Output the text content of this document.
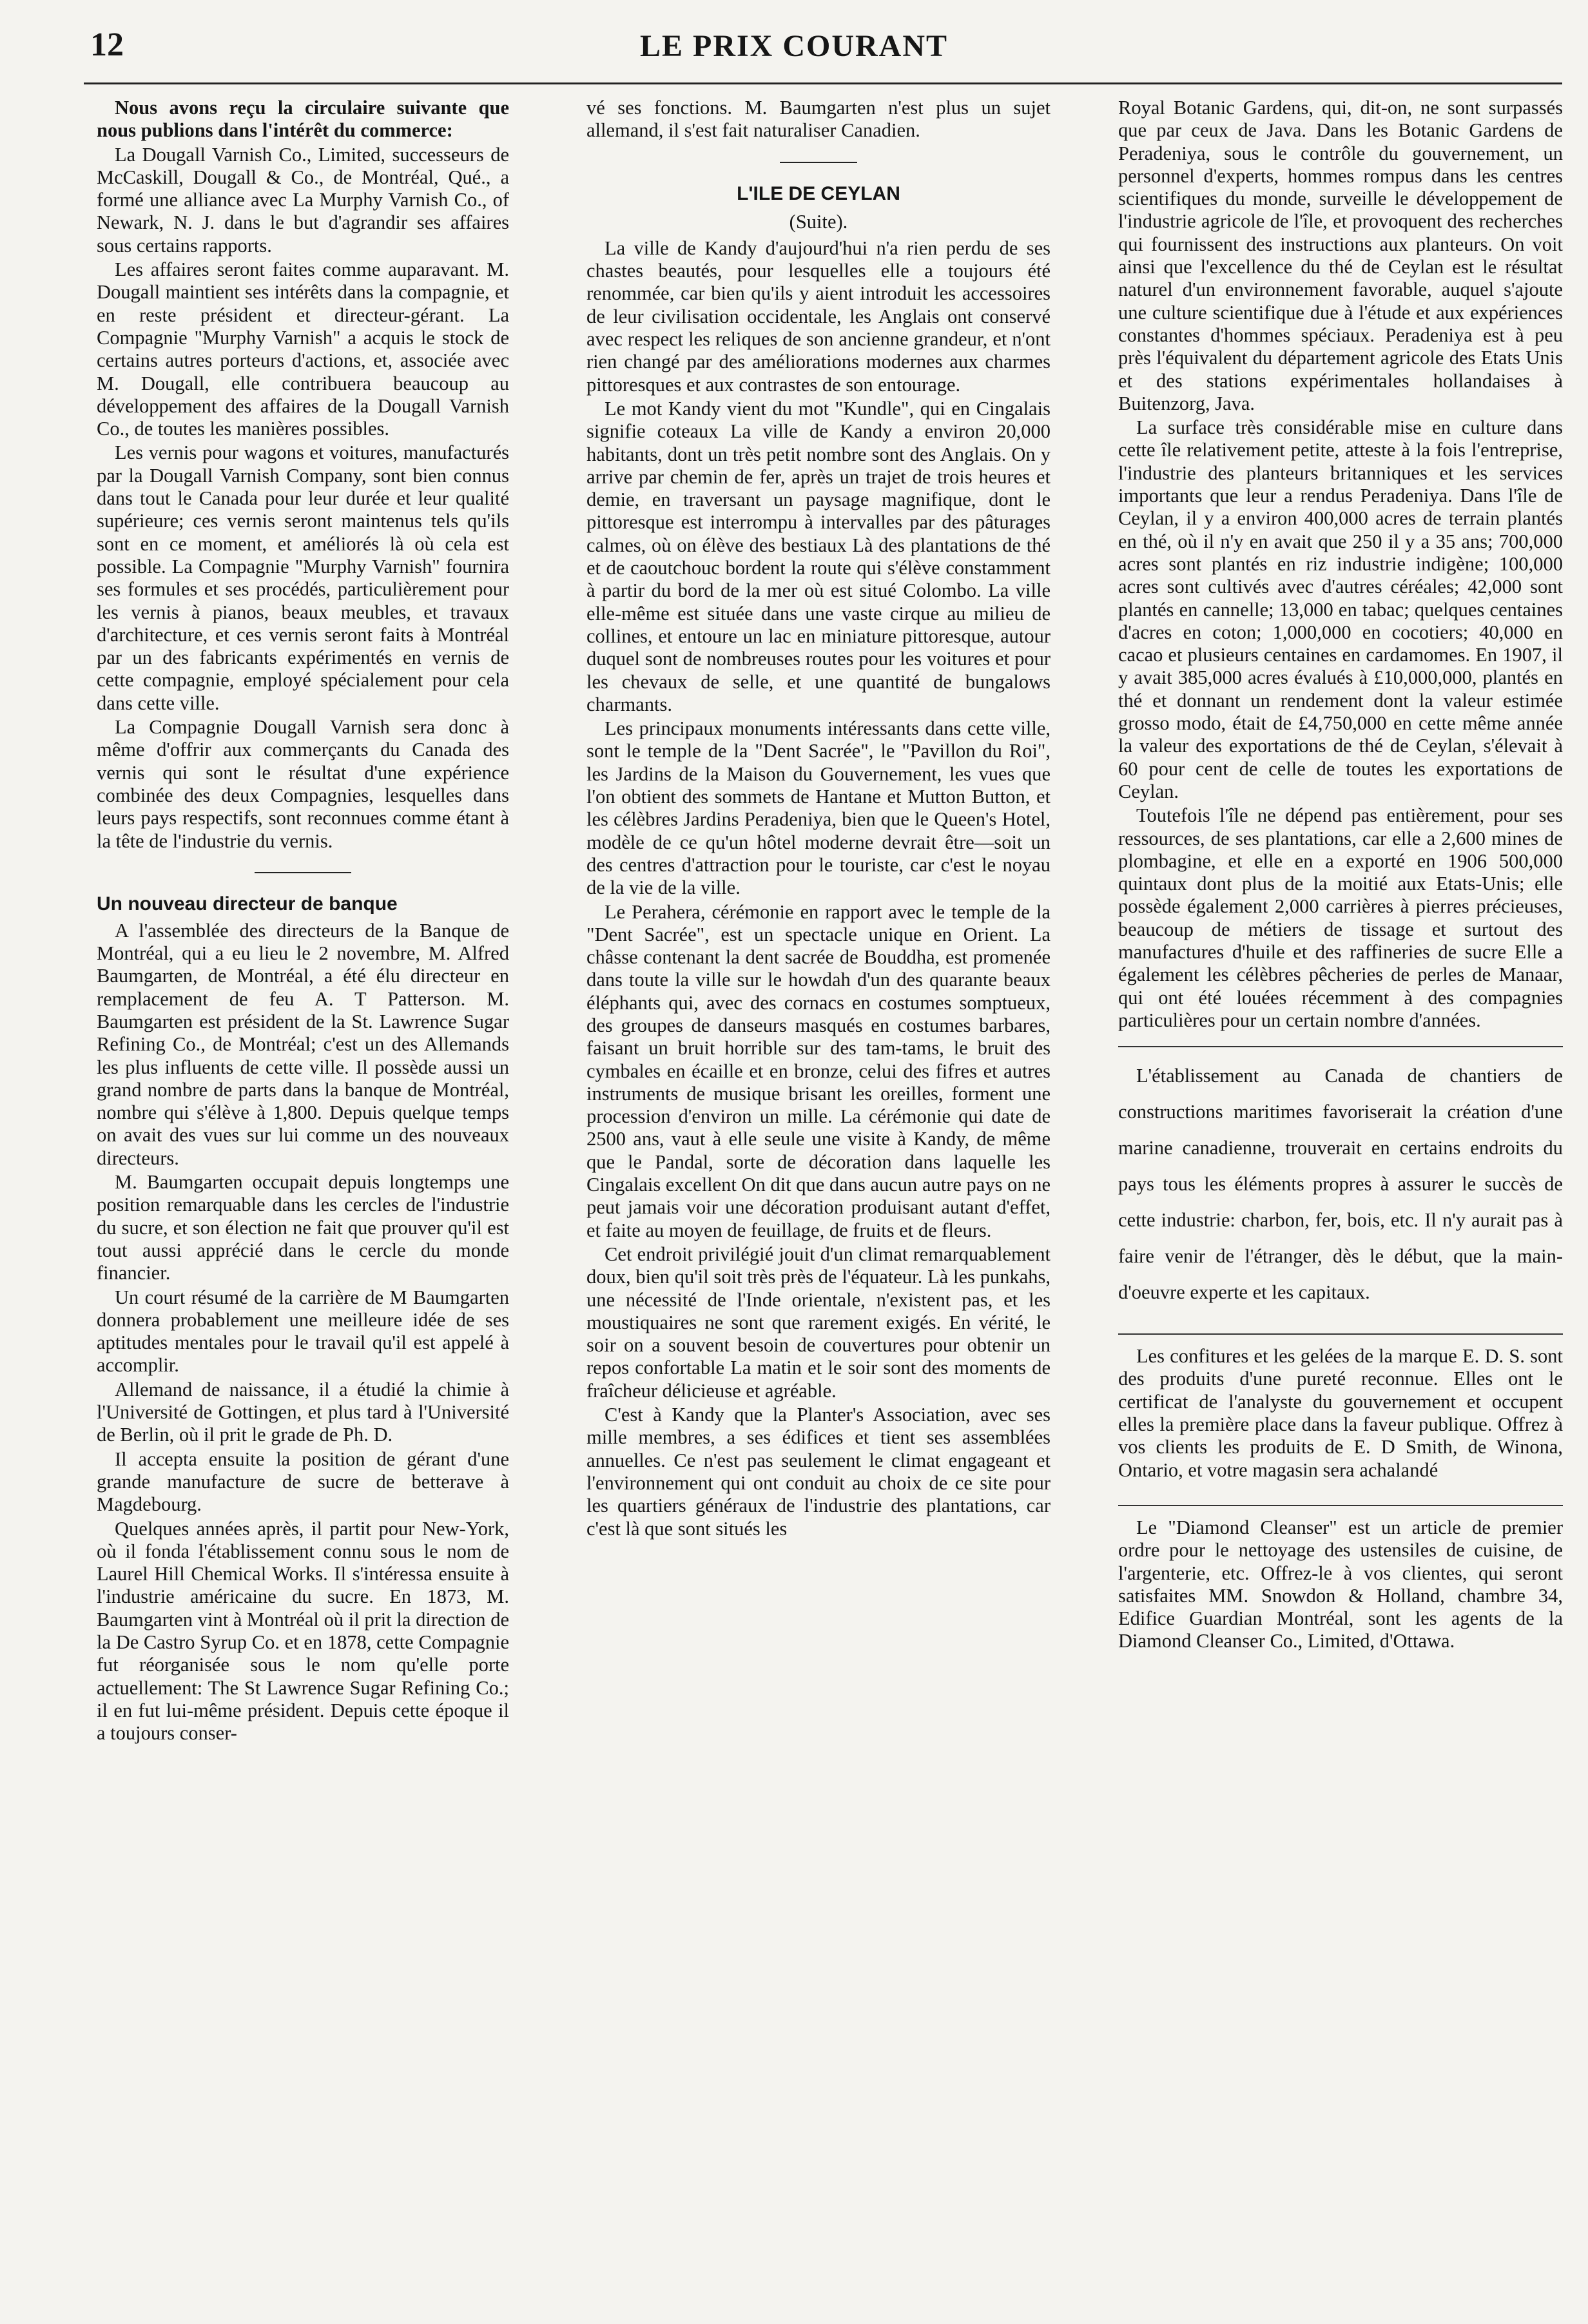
12	LE PRIX COURANT

Nous avons reçu la circulaire suivante que nous publions dans l'intérêt du commerce:

La Dougall Varnish Co., Limited, successeurs de McCaskill, Dougall & Co., de Montréal, Qué., a formé une alliance avec La Murphy Varnish Co., of Newark, N. J. dans le but d'agrandir ses affaires sous certains rapports.

Les affaires seront faites comme auparavant. M. Dougall maintient ses intérêts dans la compagnie, et en reste président et directeur-gérant. La Compagnie "Murphy Varnish" a acquis le stock de certains autres porteurs d'actions, et, associée avec M. Dougall, elle contribuera beaucoup au développement des affaires de la Dougall Varnish Co., de toutes les manières possibles.

Les vernis pour wagons et voitures, manufacturés par la Dougall Varnish Company, sont bien connus dans tout le Canada pour leur durée et leur qualité supérieure; ces vernis seront maintenus tels qu'ils sont en ce moment, et améliorés là où cela est possible. La Compagnie "Murphy Varnish" fournira ses formules et ses procédés, particulièrement pour les vernis à pianos, beaux meubles, et travaux d'architecture, et ces vernis seront faits à Montréal par un des fabricants expérimentés en vernis de cette compagnie, employé spécialement pour cela dans cette ville.

La Compagnie Dougall Varnish sera donc à même d'offrir aux commerçants du Canada des vernis qui sont le résultat d'une expérience combinée des deux Compagnies, lesquelles dans leurs pays respectifs, sont reconnues comme étant à la tête de l'industrie du vernis.

Un nouveau directeur de banque

A l'assemblée des directeurs de la Banque de Montréal, qui a eu lieu le 2 novembre, M. Alfred Baumgarten, de Montréal, a été élu directeur en remplacement de feu A. T Patterson. M. Baumgarten est président de la St. Lawrence Sugar Refining Co., de Montréal; c'est un des Allemands les plus influents de cette ville. Il possède aussi un grand nombre de parts dans la banque de Montréal, nombre qui s'élève à 1,800. Depuis quelque temps on avait des vues sur lui comme un des nouveaux directeurs.

M. Baumgarten occupait depuis longtemps une position remarquable dans les cercles de l'industrie du sucre, et son élection ne fait que prouver qu'il est tout aussi apprécié dans le cercle du monde financier.

Un court résumé de la carrière de M Baumgarten donnera probablement une meilleure idée de ses aptitudes mentales pour le travail qu'il est appelé à accomplir.

Allemand de naissance, il a étudié la chimie à l'Université de Gottingen, et plus tard à l'Université de Berlin, où il prit le grade de Ph. D.

Il accepta ensuite la position de gérant d'une grande manufacture de sucre de betterave à Magdebourg.

Quelques années après, il partit pour New-York, où il fonda l'établissement connu sous le nom de Laurel Hill Chemical Works. Il s'intéressa ensuite à l'industrie américaine du sucre. En 1873, M. Baumgarten vint à Montréal où il prit la direction de la De Castro Syrup Co. et en 1878, cette Compagnie fut réorganisée sous le nom qu'elle porte actuellement: The St Lawrence Sugar Refining Co.; il en fut lui-même président. Depuis cette époque il a toujours conser-

vé ses fonctions. M. Baumgarten n'est plus un sujet allemand, il s'est fait naturaliser Canadien.

L'ILE DE CEYLAN
(Suite).

La ville de Kandy d'aujourd'hui n'a rien perdu de ses chastes beautés, pour lesquelles elle a toujours été renommée, car bien qu'ils y aient introduit les accessoires de leur civilisation occidentale, les Anglais ont conservé avec respect les reliques de son ancienne grandeur, et n'ont rien changé par des améliorations modernes aux charmes pittoresques et aux contrastes de son entourage.

Le mot Kandy vient du mot "Kundle", qui en Cingalais signifie coteaux La ville de Kandy a environ 20,000 habitants, dont un très petit nombre sont des Anglais. On y arrive par chemin de fer, après un trajet de trois heures et demie, en traversant un paysage magnifique, dont le pittoresque est interrompu à intervalles par des pâturages calmes, où on élève des bestiaux Là des plantations de thé et de caoutchouc bordent la route qui s'élève constamment à partir du bord de la mer où est situé Colombo. La ville elle-même est située dans une vaste cirque au milieu de collines, et entoure un lac en miniature pittoresque, autour duquel sont de nombreuses routes pour les voitures et pour les chevaux de selle, et une quantité de bungalows charmants.

Les principaux monuments intéressants dans cette ville, sont le temple de la "Dent Sacrée", le "Pavillon du Roi", les Jardins de la Maison du Gouvernement, les vues que l'on obtient des sommets de Hantane et Mutton Button, et les célèbres Jardins Peradeniya, bien que le Queen's Hotel, modèle de ce qu'un hôtel moderne devrait être—soit un des centres d'attraction pour le touriste, car c'est le noyau de la vie de la ville.

Le Perahera, cérémonie en rapport avec le temple de la "Dent Sacrée", est un spectacle unique en Orient. La châsse contenant la dent sacrée de Bouddha, est promenée dans toute la ville sur le howdah d'un des quarante beaux éléphants qui, avec des cornacs en costumes somptueux, des groupes de danseurs masqués en costumes barbares, faisant un bruit horrible sur des tam-tams, le bruit des cymbales en écaille et en bronze, celui des fifres et autres instruments de musique brisant les oreilles, forment une procession d'environ un mille. La cérémonie qui date de 2500 ans, vaut à elle seule une visite à Kandy, de même que le Pandal, sorte de décoration dans laquelle les Cingalais excellent On dit que dans aucun autre pays on ne peut jamais voir une décoration produisant autant d'effet, et faite au moyen de feuillage, de fruits et de fleurs.

Cet endroit privilégié jouit d'un climat remarquablement doux, bien qu'il soit très près de l'équateur. Là les punkahs, une nécessité de l'Inde orientale, n'existent pas, et les moustiquaires ne sont que rarement exigés. En vérité, le soir on a souvent besoin de couvertures pour obtenir un repos confortable La matin et le soir sont des moments de fraîcheur délicieuse et agréable.

C'est à Kandy que la Planter's Association, avec ses mille membres, a ses édifices et tient ses assemblées annuelles. Ce n'est pas seulement le climat engageant et l'environnement qui ont conduit au choix de ce site pour les quartiers généraux de l'industrie des plantations, car c'est là que sont situés les

Royal Botanic Gardens, qui, dit-on, ne sont surpassés que par ceux de Java. Dans les Botanic Gardens de Peradeniya, sous le contrôle du gouvernement, un personnel d'experts, hommes rompus dans les centres scientifiques du monde, surveille le développement de l'industrie agricole de l'île, et provoquent des recherches qui fournissent des instructions aux planteurs. On voit ainsi que l'excellence du thé de Ceylan est le résultat naturel d'un environnement favorable, auquel s'ajoute une culture scientifique due à l'étude et aux expériences constantes d'hommes spéciaux. Peradeniya est à peu près l'équivalent du département agricole des Etats Unis et des stations expérimentales hollandaises à Buitenzorg, Java.

La surface très considérable mise en culture dans cette île relativement petite, atteste à la fois l'entreprise, l'industrie des planteurs britanniques et les services importants que leur a rendus Peradeniya. Dans l'île de Ceylan, il y a environ 400,000 acres de terrain plantés en thé, où il n'y en avait que 250 il y a 35 ans; 700,000 acres sont plantés en riz industrie indigène; 100,000 acres sont cultivés avec d'autres céréales; 42,000 sont plantés en cannelle; 13,000 en tabac; quelques centaines d'acres en coton; 1,000,000 en cocotiers; 40,000 en cacao et plusieurs centaines en cardamomes. En 1907, il y avait 385,000 acres évalués à £10,000,000, plantés en thé et donnant un rendement dont la valeur estimée grosso modo, était de £4,750,000 en cette même année la valeur des exportations de thé de Ceylan, s'élevait à 60 pour cent de celle de toutes les exportations de Ceylan.

Toutefois l'île ne dépend pas entièrement, pour ses ressources, de ses plantations, car elle a 2,600 mines de plombagine, et elle en a exporté en 1906 500,000 quintaux dont plus de la moitié aux Etats-Unis; elle possède également 2,000 carrières à pierres précieuses, beaucoup de métiers de tissage et surtout des manufactures d'huile et des raffineries de sucre Elle a également les célèbres pêcheries de perles de Manaar, qui ont été louées récemment à des compagnies particulières pour un certain nombre d'années.

L'établissement au Canada de chantiers de constructions maritimes favoriserait la création d'une marine canadienne, trouverait en certains endroits du pays tous les éléments propres à assurer le succès de cette industrie: charbon, fer, bois, etc. Il n'y aurait pas à faire venir de l'étranger, dès le début, que la main-d'oeuvre experte et les capitaux.

Les confitures et les gelées de la marque E. D. S. sont des produits d'une pureté reconnue. Elles ont le certificat de l'analyste du gouvernement et occupent elles la première place dans la faveur publique. Offrez à vos clients les produits de E. D Smith, de Winona, Ontario, et votre magasin sera achalandé

Le "Diamond Cleanser" est un article de premier ordre pour le nettoyage des ustensiles de cuisine, de l'argenterie, etc. Offrez-le à vos clientes, qui seront satisfaites MM. Snowdon & Holland, chambre 34, Edifice Guardian Montréal, sont les agents de la Diamond Cleanser Co., Limited, d'Ottawa.
